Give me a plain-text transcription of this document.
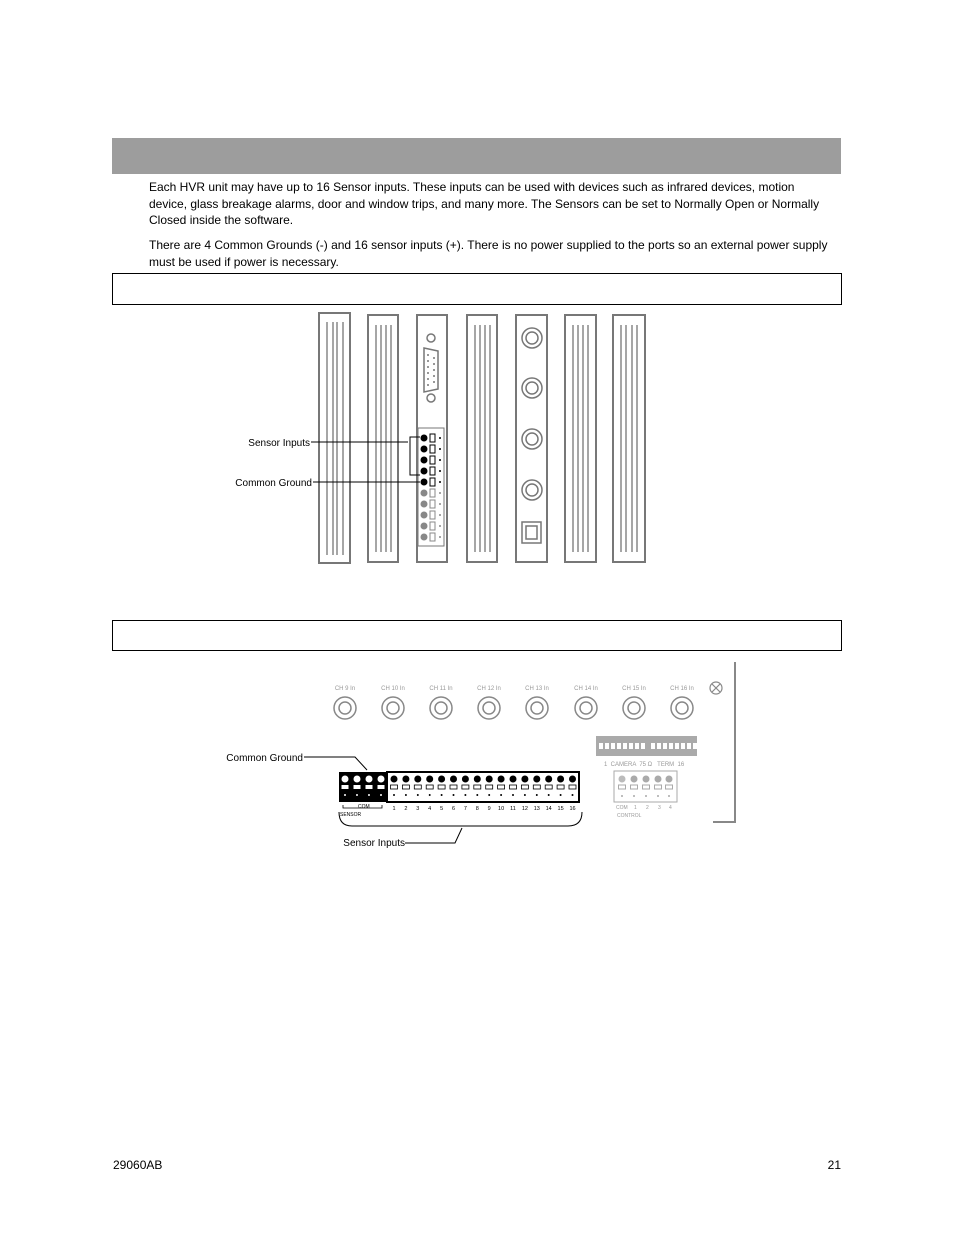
Each HVR unit may have up to 16 Sensor inputs. These inputs can be used with devices such as infrared devices, motion device, glass breakage alarms, door and window trips, and many more. The Sensors can be set to Normally Open or Normally Closed inside the software.

There are 4 Common Grounds (-) and 16 sensor inputs (+). There is no power supplied to the ports so an external power supply must be used if power is necessary.

Sensor Inputs
Common Ground
CH 9 In	CH 10 In	CH 11 In	CH 12 In	CH 13 In	CH 14 In	CH 15 In	CH 16 In
1  CAMERA  75 Ω   TERM  16
COM 1 2 3 4
CONTROL
1 2 3 4 5 6 7 8 9 10 11 12 13 14 15 16
COM
SENSOR
Common Ground
Sensor Inputs
29060AB	21
